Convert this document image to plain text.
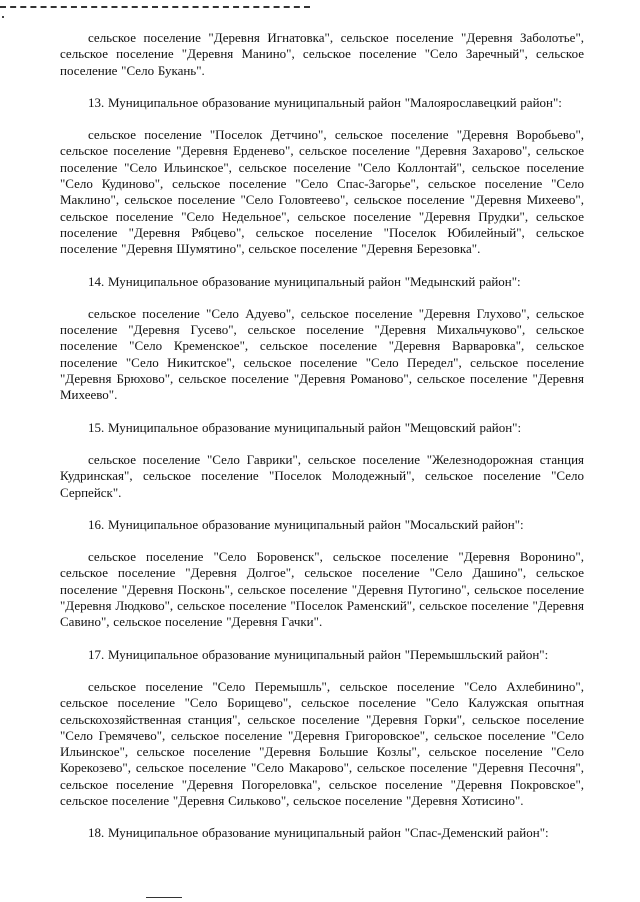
сельское поселение "Деревня Игнатовка", сельское поселение "Деревня Заболотье", сельское поселение "Деревня Манино", сельское поселение "Село Заречный", сельское поселение "Село Букань".

13. Муниципальное образование муниципальный район "Малоярославецкий район":

сельское поселение "Поселок Детчино", сельское поселение "Деревня Воробьево", сельское поселение "Деревня Ерденево", сельское поселение "Деревня Захарово", сельское поселение "Село Ильинское", сельское поселение "Село Коллонтай", сельское поселение "Село Кудиново", сельское поселение "Село Спас-Загорье", сельское поселение "Село Маклино", сельское поселение "Село Головтеево", сельское поселение "Деревня Михеево", сельское поселение "Село Недельное", сельское поселение "Деревня Прудки", сельское поселение "Деревня Рябцево", сельское поселение "Поселок Юбилейный", сельское поселение "Деревня Шумятино", сельское поселение "Деревня Березовка".

14. Муниципальное образование муниципальный район "Медынский район":

сельское поселение "Село Адуево", сельское поселение "Деревня Глухово", сельское поселение "Деревня Гусево", сельское поселение "Деревня Михальчуково", сельское поселение "Село Кременское", сельское поселение "Деревня Варваровка", сельское поселение "Село Никитское", сельское поселение "Село Передел", сельское поселение "Деревня Брюхово", сельское поселение "Деревня Романово", сельское поселение "Деревня Михеево".

15. Муниципальное образование муниципальный район "Мещовский район":

сельское поселение "Село Гаврики", сельское поселение "Железнодорожная станция Кудринская", сельское поселение "Поселок Молодежный", сельское поселение "Село Серпейск".

16. Муниципальное образование муниципальный район "Мосальский район":

сельское поселение "Село Боровенск", сельское поселение "Деревня Воронино", сельское поселение "Деревня Долгое", сельское поселение "Село Дашино", сельское поселение "Деревня Посконь", сельское поселение "Деревня Путогино", сельское поселение "Деревня Людково", сельское поселение "Поселок Раменский", сельское поселение "Деревня Савино", сельское поселение "Деревня Гачки".

17. Муниципальное образование муниципальный район "Перемышльский район":

сельское поселение "Село Перемышль", сельское поселение "Село Ахлебинино", сельское поселение "Село Борищево", сельское поселение "Село Калужская опытная сельскохозяйственная станция", сельское поселение "Деревня Горки", сельское поселение "Село Гремячево", сельское поселение "Деревня Григоровское", сельское поселение "Село Ильинское", сельское поселение "Деревня Большие Козлы", сельское поселение "Село Корекозево", сельское поселение "Село Макарово", сельское поселение "Деревня Песочня", сельское поселение "Деревня Погореловка", сельское поселение "Деревня Покровское", сельское поселение "Деревня Сильково", сельское поселение "Деревня Хотисино".

18. Муниципальное образование муниципальный район "Спас-Деменский район":
